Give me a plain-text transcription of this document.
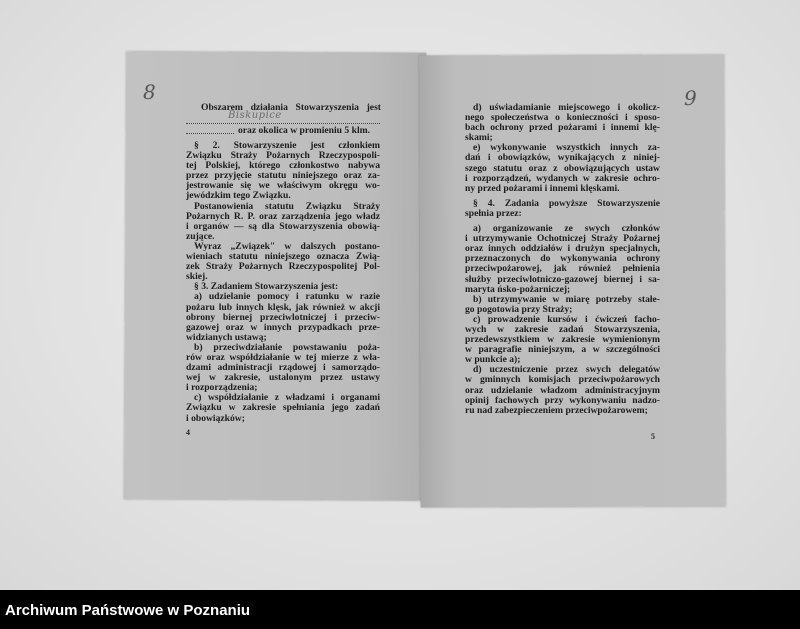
8	9
Obszarem działania Stowarzyszenia jest
Biskupice
oraz okolica w promieniu 5 klm.
§ 2. Stowarzyszenie jest członkiem
Związku Straży Pożarnych Rzeczypospoli-
tej Polskiej, którego członkostwo nabywa
przez przyjęcie statutu niniejszego oraz za-
jestrowanie się we właściwym okręgu wo-
jewódzkim tego Związku.
Postanowienia statutu Związku Straży
Pożarnych R. P. oraz zarządzenia jego władz
i organów — są dla Stowarzyszenia obowią-
zujące.
Wyraz „Związek" w dalszych postano-
wieniach statutu niniejszego oznacza Zwią-
zek Straży Pożarnych Rzeczypospolitej Pol-
skiej.
§ 3. Zadaniem Stowarzyszenia jest:
a) udzielanie pomocy i ratunku w razie
pożaru lub innych klęsk, jak również w akcji
obrony biernej przeciwlotniczej i przeciw-
gazowej oraz w innych przypadkach prze-
widzianych ustawą;
b) przeciwdziałanie powstawaniu poża-
rów oraz współdziałanie w tej mierze z wła-
dzami administracji rządowej i samorządo-
wej w zakresie, ustalonym przez ustawy
i rozporządzenia;
c) współdziałanie z władzami i organami
Związku w zakresie spełniania jego zadań
i obowiązków;
d) uświadamianie miejscowego i okolicz-
nego społeczeństwa o konieczności i sposo-
bach ochrony przed pożarami i innemi klę-
skami;
e) wykonywanie wszystkich innych za-
dań i obowiązków, wynikających z niniej-
szego statutu oraz z obowiązujących ustaw
i rozporządzeń, wydanych w zakresie ochro-
ny przed pożarami i innemi klęskami.
§ 4. Zadania powyższe Stowarzyszenie
spełnia przez:
a) organizowanie ze swych członków
i utrzymywanie Ochotniczej Straży Pożarnej
oraz innych oddziałów i drużyn specjalnych,
przeznaczonych do wykonywania ochrony
przeciwpożarowej, jak również pełnienia
służby przeciwlotniczo-gazowej biernej i sa-
maryta ńsko-pożarniczej;
b) utrzymywanie w miarę potrzeby stałe-
go pogotowia przy Straży;
c) prowadzenie kursów i ćwiczeń facho-
wych w zakresie zadań Stowarzyszenia,
przedewszystkiem w zakresie wymienionym
w paragrafie niniejszym, a w szczególności
w punkcie a);
d) uczestniczenie przez swych delegatów
w gminnych komisjach przeciwpożarowych
oraz udzielanie władzom administracyjnym
opinij fachowych przy wykonywaniu nadzo-
ru nad zabezpieczeniem przeciwpożarowem;
4	5
Archiwum Państwowe w Poznaniu
